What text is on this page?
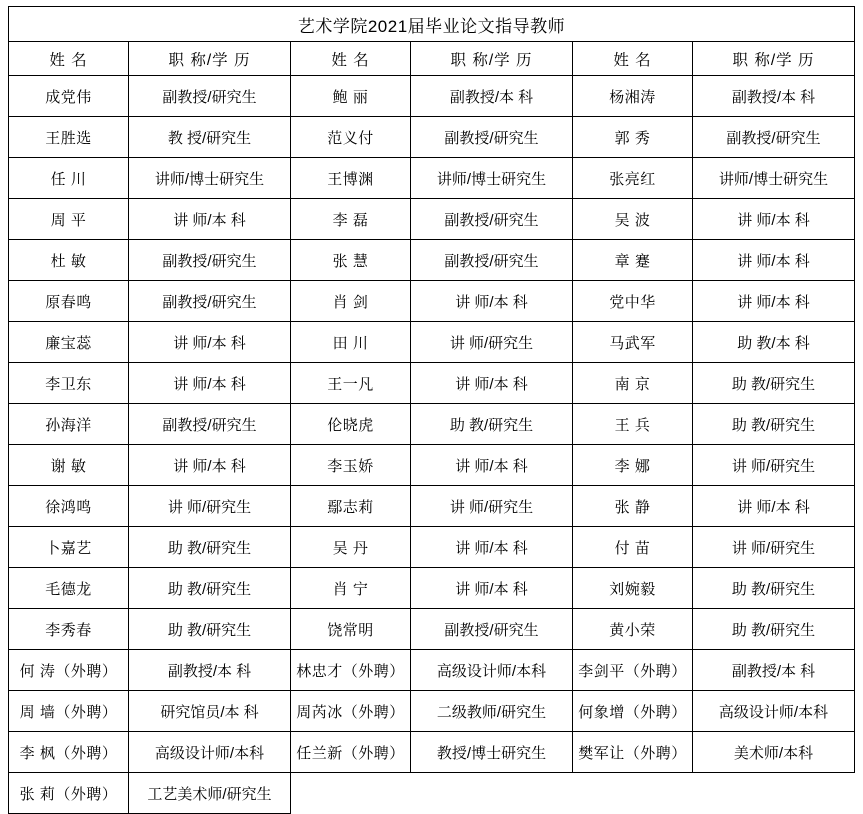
艺术学院2021届毕业论文指导教师					
姓 名	职 称/学 历	姓 名	职 称/学 历	姓 名	职 称/学 历
成党伟	副教授/研究生	鲍 丽	副教授/本 科	杨湘涛	副教授/本 科
王胜选	教 授/研究生	范义付	副教授/研究生	郭 秀	副教授/研究生
任 川	讲师/博士研究生	王博渊	讲师/博士研究生	张亮红	讲师/博士研究生
周 平	讲 师/本 科	李 磊	副教授/研究生	吴 波	讲 师/本 科
杜 敏	副教授/研究生	张 慧	副教授/研究生	章 蹇	讲 师/本 科
原春鸣	副教授/研究生	肖 剑	讲 师/本 科	党中华	讲 师/本 科
廉宝蕊	讲 师/本 科	田 川	讲 师/研究生	马武军	助 教/本 科
李卫东	讲 师/本 科	王一凡	讲 师/本 科	南 京	助 教/研究生
孙海洋	副教授/研究生	伦晓虎	助 教/研究生	王 兵	助 教/研究生
谢 敏	讲 师/本 科	李玉娇	讲 师/本 科	李 娜	讲 师/研究生
徐鸿鸣	讲 师/研究生	鄢志莉	讲 师/研究生	张 静	讲 师/本 科
卜嘉艺	助 教/研究生	吴 丹	讲 师/本 科	付 苗	讲 师/研究生
毛德龙	助 教/研究生	肖 宁	讲 师/本 科	刘婉毅	助 教/研究生
李秀春	助 教/研究生	饶常明	副教授/研究生	黄小荣	助 教/研究生
何 涛（外聘）	副教授/本 科	林忠才（外聘）	高级设计师/本科	李剑平（外聘）	副教授/本 科
周 墙（外聘）	研究馆员/本 科	周芮冰（外聘）	二级教师/研究生	何象增（外聘）	高级设计师/本科
李 枫（外聘）	高级设计师/本科	任兰新（外聘）	教授/博士研究生	樊军让（外聘）	美术师/本科
张 莉（外聘）	工艺美术师/研究生				
